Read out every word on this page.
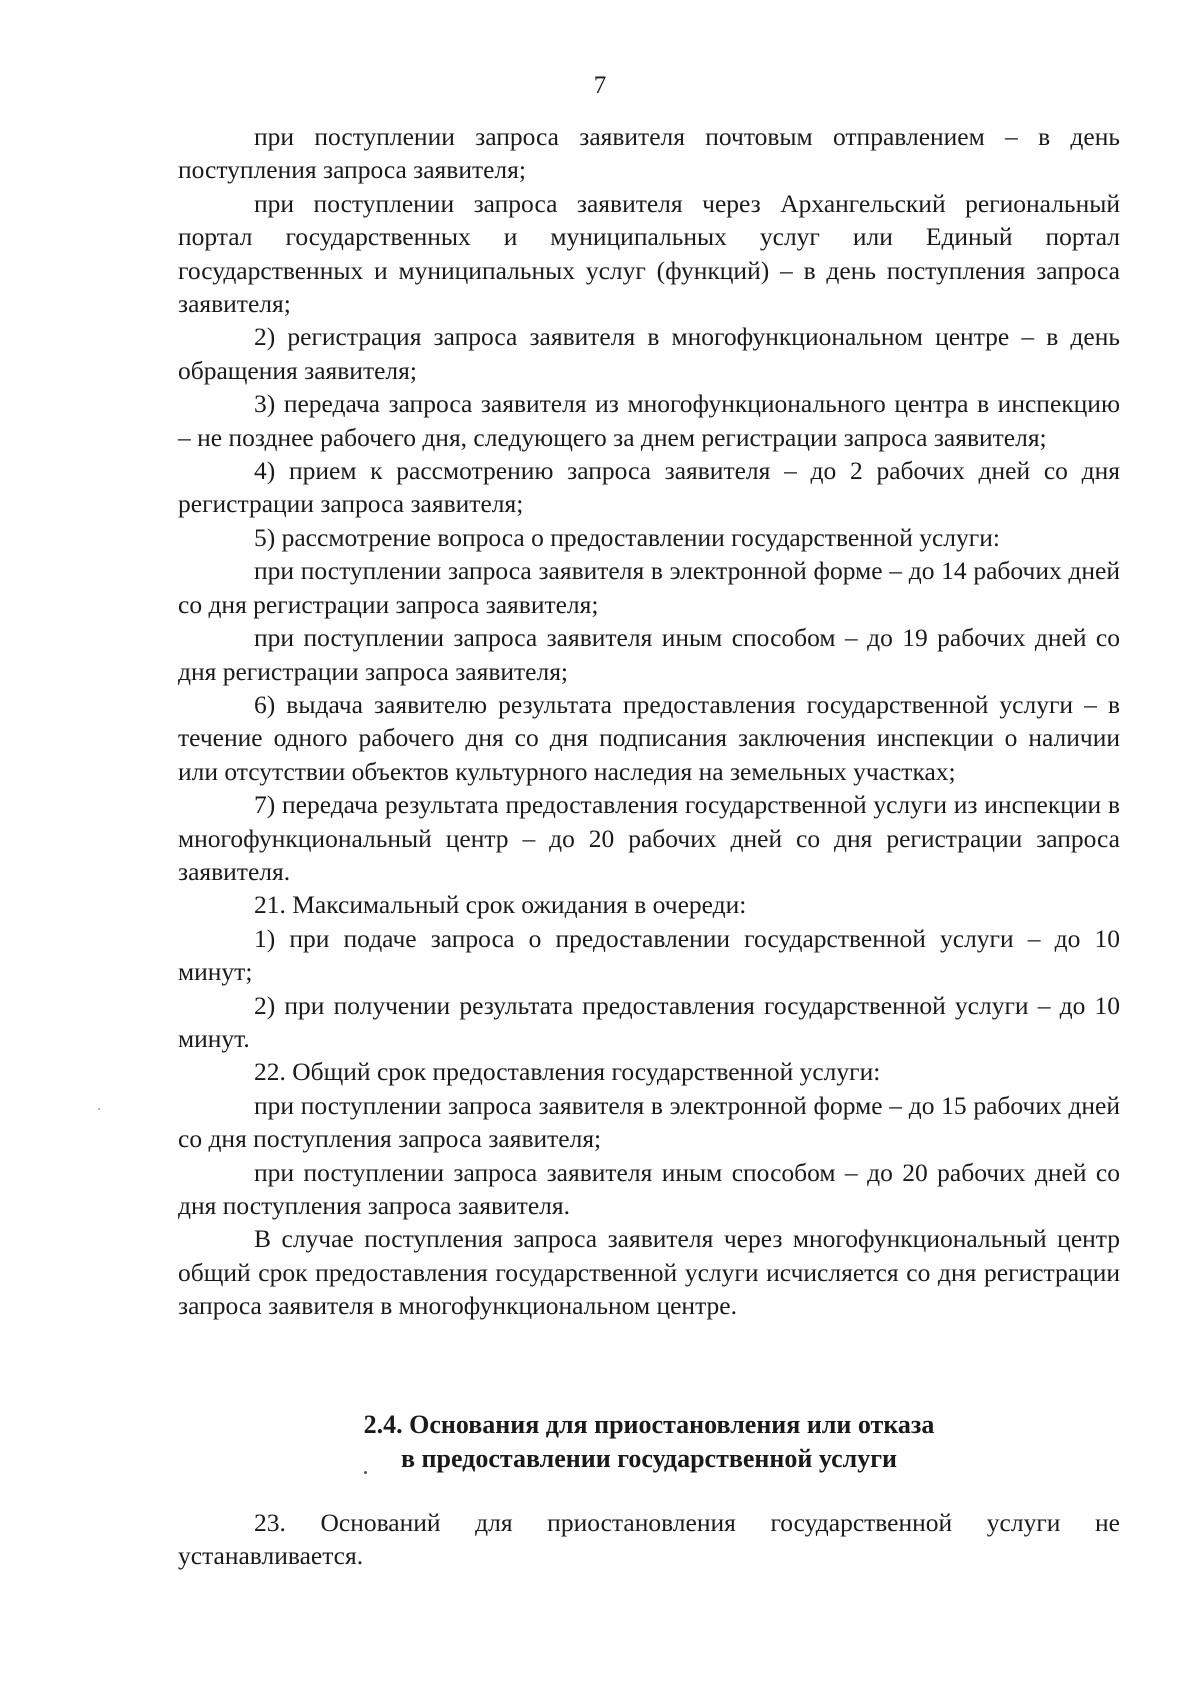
7

при поступлении запроса заявителя почтовым отправлением – в день поступления запроса заявителя;

при поступлении запроса заявителя через Архангельский региональный портал государственных и муниципальных услуг или Единый портал государственных и муниципальных услуг (функций) – в день поступления запроса заявителя;

2) регистрация запроса заявителя в многофункциональном центре – в день обращения заявителя;

3) передача запроса заявителя из многофункционального центра в инспекцию – не позднее рабочего дня, следующего за днем регистрации запроса заявителя;

4) прием к рассмотрению запроса заявителя – до 2 рабочих дней со дня регистрации запроса заявителя;

5) рассмотрение вопроса о предоставлении государственной услуги:

при поступлении запроса заявителя в электронной форме – до 14 рабочих дней со дня регистрации запроса заявителя;

при поступлении запроса заявителя иным способом – до 19 рабочих дней со дня регистрации запроса заявителя;

6) выдача заявителю результата предоставления государственной услуги – в течение одного рабочего дня со дня подписания заключения инспекции о наличии или отсутствии объектов культурного наследия на земельных участках;

7) передача результата предоставления государственной услуги из инспекции в многофункциональный центр – до 20 рабочих дней со дня регистрации запроса заявителя.

21. Максимальный срок ожидания в очереди:

1) при подаче запроса о предоставлении государственной услуги – до 10 минут;

2) при получении результата предоставления государственной услуги – до 10 минут.

22. Общий срок предоставления государственной услуги:

при поступлении запроса заявителя в электронной форме – до 15 рабочих дней со дня поступления запроса заявителя;

при поступлении запроса заявителя иным способом – до 20 рабочих дней со дня поступления запроса заявителя.

В случае поступления запроса заявителя через многофункциональный центр общий срок предоставления государственной услуги исчисляется со дня регистрации запроса заявителя в многофункциональном центре.

2.4. Основания для приостановления или отказа
в предоставлении государственной услуги

23. Оснований для приостановления государственной услуги не устанавливается.
